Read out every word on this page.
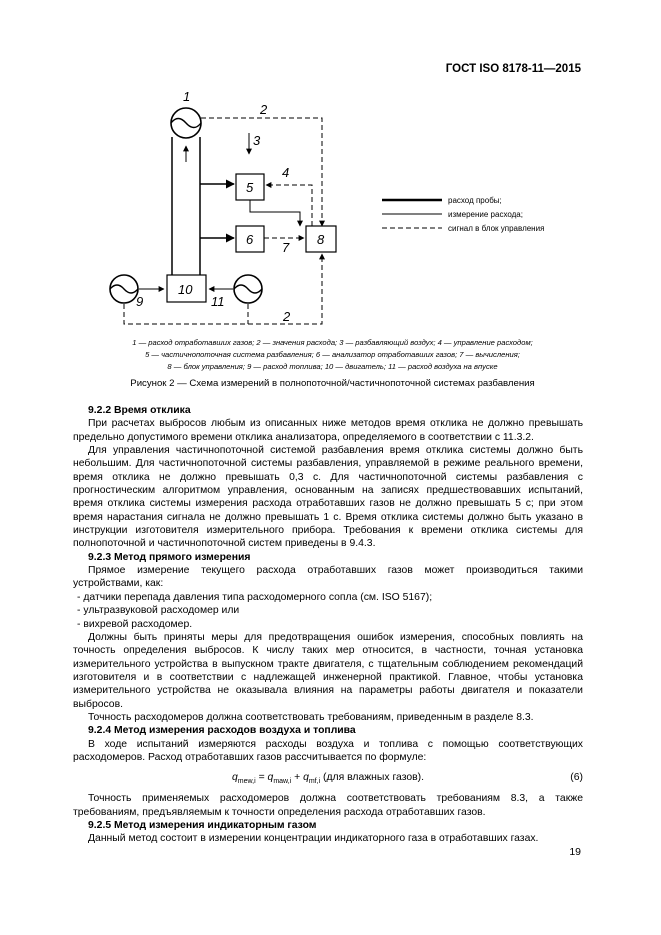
ГОСТ ISO 8178-11—2015
1
2
3
5
4
6
7
8
10
9	11
2
расход пробы;
измерение расхода;
сигнал в блок управления
1 — расход отработавших газов; 2 — значения расхода; 3 — разбавляющий воздух; 4 — управление расходом;
5 — частичнопоточная система разбавления; 6 — анализатор отработавших газов; 7 — вычисления;
8 — блок управления; 9 — расход топлива; 10 — двигатель; 11 — расход воздуха на впуске
Рисунок 2 — Схема измерений в полнопоточной/частичнопоточной системах разбавления

9.2.2 Время отклика

При расчетах выбросов любым из описанных ниже методов время отклика не должно превышать предельно допустимого времени отклика анализатора, определяемого в соответствии с 11.3.2.

Для управления частичнопоточной системой разбавления время отклика системы должно быть небольшим. Для частичнопоточной системы разбавления, управляемой в режиме реального времени, время отклика не должно превышать 0,3 с. Для частичнопоточной системы разбавления с прогностическим алгоритмом управления, основанным на записях предшествовавших испытаний, время отклика системы измерения расхода отработавших газов не должно превышать 5 с; при этом время нарастания сигнала не должно превышать 1 с. Время отклика системы должно быть указано в инструкции изготовителя измерительного прибора. Требования к времени отклика системы для полнопоточной и частичнопоточной систем приведены в 9.4.3.

9.2.3 Метод прямого измерения

Прямое измерение текущего расхода отработавших газов может производиться такими устройствами, как:

- датчики перепада давления типа расходомерного сопла (см. ISO 5167);

- ультразвуковой расходомер или

- вихревой расходомер.

Должны быть приняты меры для предотвращения ошибок измерения, способных повлиять на точность определения выбросов. К числу таких мер относится, в частности, точная установка измерительного устройства в выпускном тракте двигателя, с тщательным соблюдением рекомендаций изготовителя и в соответствии с надлежащей инженерной практикой. Главное, чтобы установка измерительного устройства не оказывала влияния на параметры работы двигателя и показатели выбросов.

Точность расходомеров должна соответствовать требованиям, приведенным в разделе 8.3.

9.2.4 Метод измерения расходов воздуха и топлива

В ходе испытаний измеряются расходы воздуха и топлива с помощью соответствующих расходомеров. Расход отработавших газов рассчитывается по формуле:

$q_{mew,i} = q_{maw,i} + q_{mf,i}$ (для влажных газов).	(6)

Точность применяемых расходомеров должна соответствовать требованиям 8.3, а также требованиям, предъявляемым к точности определения расхода отработавших газов.

9.2.5 Метод измерения индикаторным газом

Данный метод состоит в измерении концентрации индикаторного газа в отработавших газах.

19
